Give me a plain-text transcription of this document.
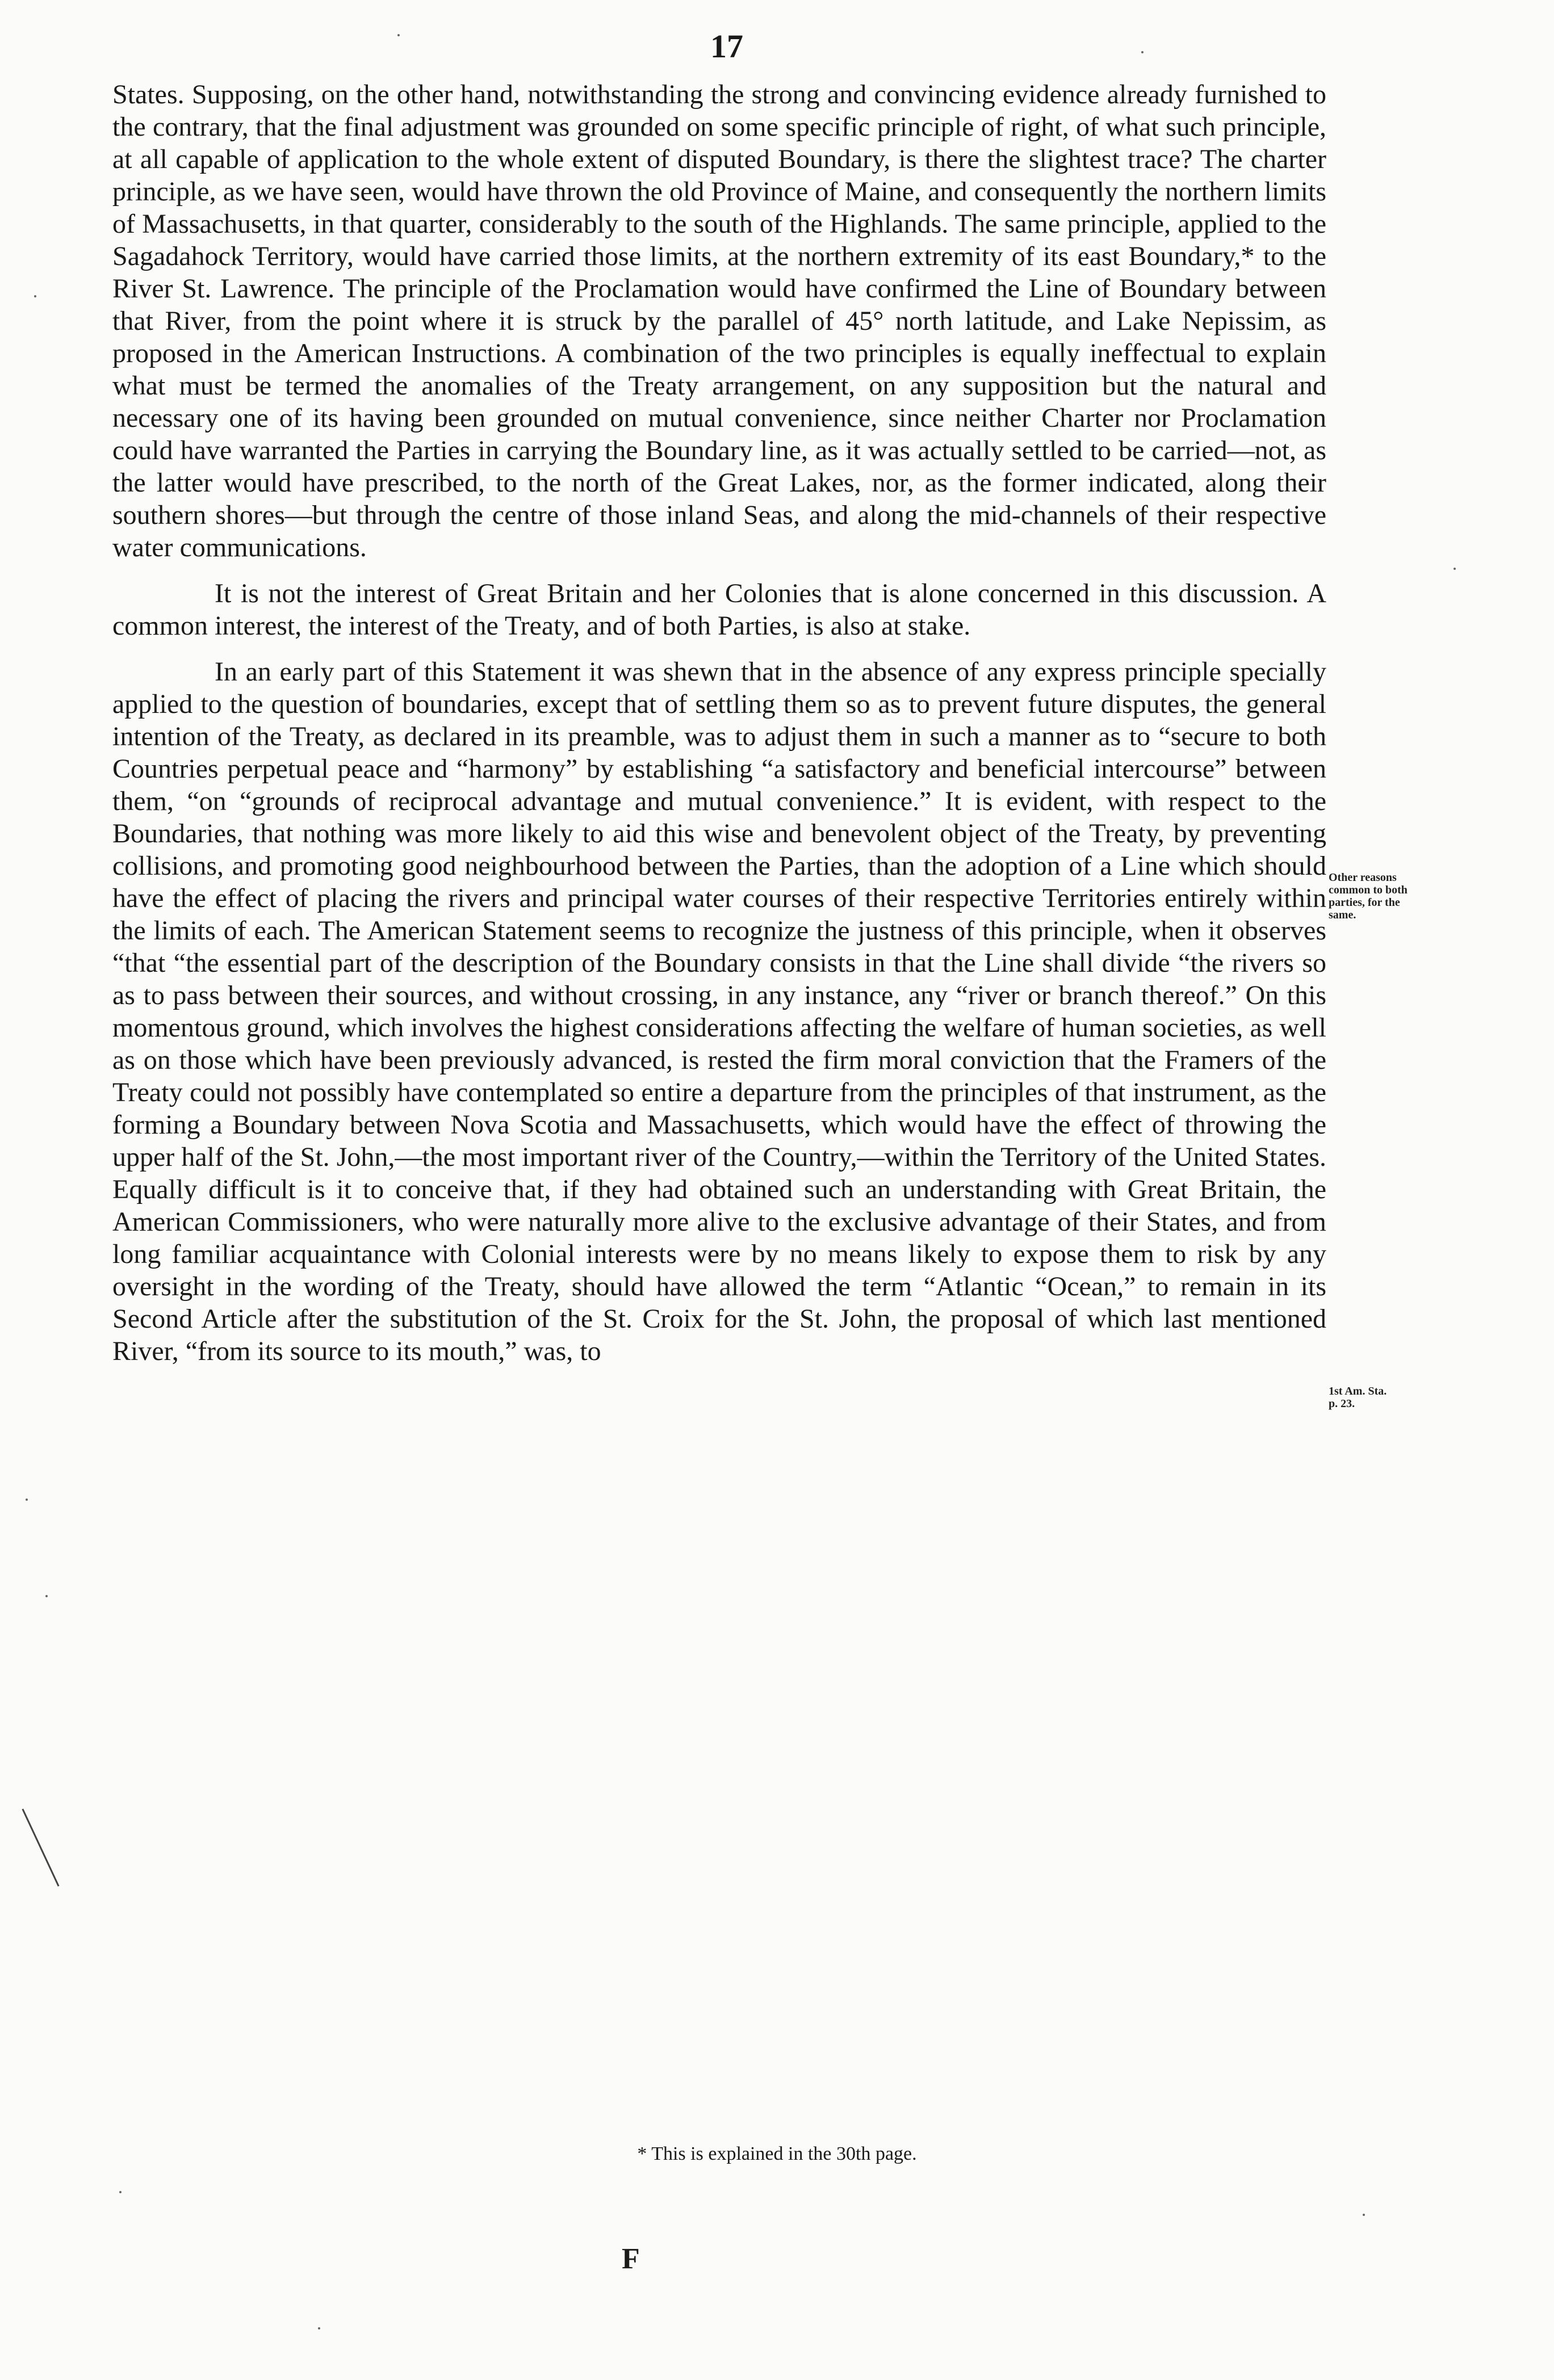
17

States. Supposing, on the other hand, notwithstanding the strong and convincing evidence already furnished to the contrary, that the final adjustment was grounded on some specific principle of right, of what such principle, at all capable of application to the whole extent of disputed Boundary, is there the slightest trace? The charter principle, as we have seen, would have thrown the old Province of Maine, and consequently the northern limits of Massachusetts, in that quarter, considerably to the south of the Highlands. The same principle, applied to the Sagadahock Territory, would have carried those limits, at the northern extremity of its east Boundary,* to the River St. Lawrence. The principle of the Proclamation would have confirmed the Line of Boundary between that River, from the point where it is struck by the parallel of 45° north latitude, and Lake Nepissim, as proposed in the American Instructions. A combination of the two principles is equally ineffectual to explain what must be termed the anomalies of the Treaty arrangement, on any supposition but the natural and necessary one of its having been grounded on mutual convenience, since neither Charter nor Proclamation could have warranted the Parties in carrying the Boundary line, as it was actually settled to be carried—not, as the latter would have prescribed, to the north of the Great Lakes, nor, as the former indicated, along their southern shores—but through the centre of those inland Seas, and along the mid-channels of their respective water communications.

It is not the interest of Great Britain and her Colonies that is alone concerned in this discussion. A common interest, the interest of the Treaty, and of both Parties, is also at stake.

In an early part of this Statement it was shewn that in the absence of any express principle specially applied to the question of boundaries, except that of settling them so as to prevent future disputes, the general intention of the Treaty, as declared in its preamble, was to adjust them in such a manner as to “secure to both Countries perpetual peace and “harmony” by establishing “a satisfactory and beneficial intercourse” between them, “on “grounds of reciprocal advantage and mutual convenience.” It is evident, with respect to the Boundaries, that nothing was more likely to aid this wise and benevolent object of the Treaty, by preventing collisions, and promoting good neighbourhood between the Parties, than the adoption of a Line which should have the effect of placing the rivers and principal water courses of their respective Territories entirely within the limits of each. The American Statement seems to recognize the justness of this principle, when it observes “that “the essential part of the description of the Boundary consists in that the Line shall divide “the rivers so as to pass between their sources, and without crossing, in any instance, any “river or branch thereof.” On this momentous ground, which involves the highest considerations affecting the welfare of human societies, as well as on those which have been previously advanced, is rested the firm moral conviction that the Framers of the Treaty could not possibly have contemplated so entire a departure from the principles of that instrument, as the forming a Boundary between Nova Scotia and Massachusetts, which would have the effect of throwing the upper half of the St. John,—the most important river of the Country,—within the Territory of the United States. Equally difficult is it to conceive that, if they had obtained such an understanding with Great Britain, the American Commissioners, who were naturally more alive to the exclusive advantage of their States, and from long familiar acquaintance with Colonial interests were by no means likely to expose them to risk by any oversight in the wording of the Treaty, should have allowed the term “Atlantic “Ocean,” to remain in its Second Article after the substitution of the St. Croix for the St. John, the proposal of which last mentioned River, “from its source to its mouth,” was, to

Other reasons common to both parties, for the same.
1st Am. Sta. p. 23.
* This is explained in the 30th page.
F
